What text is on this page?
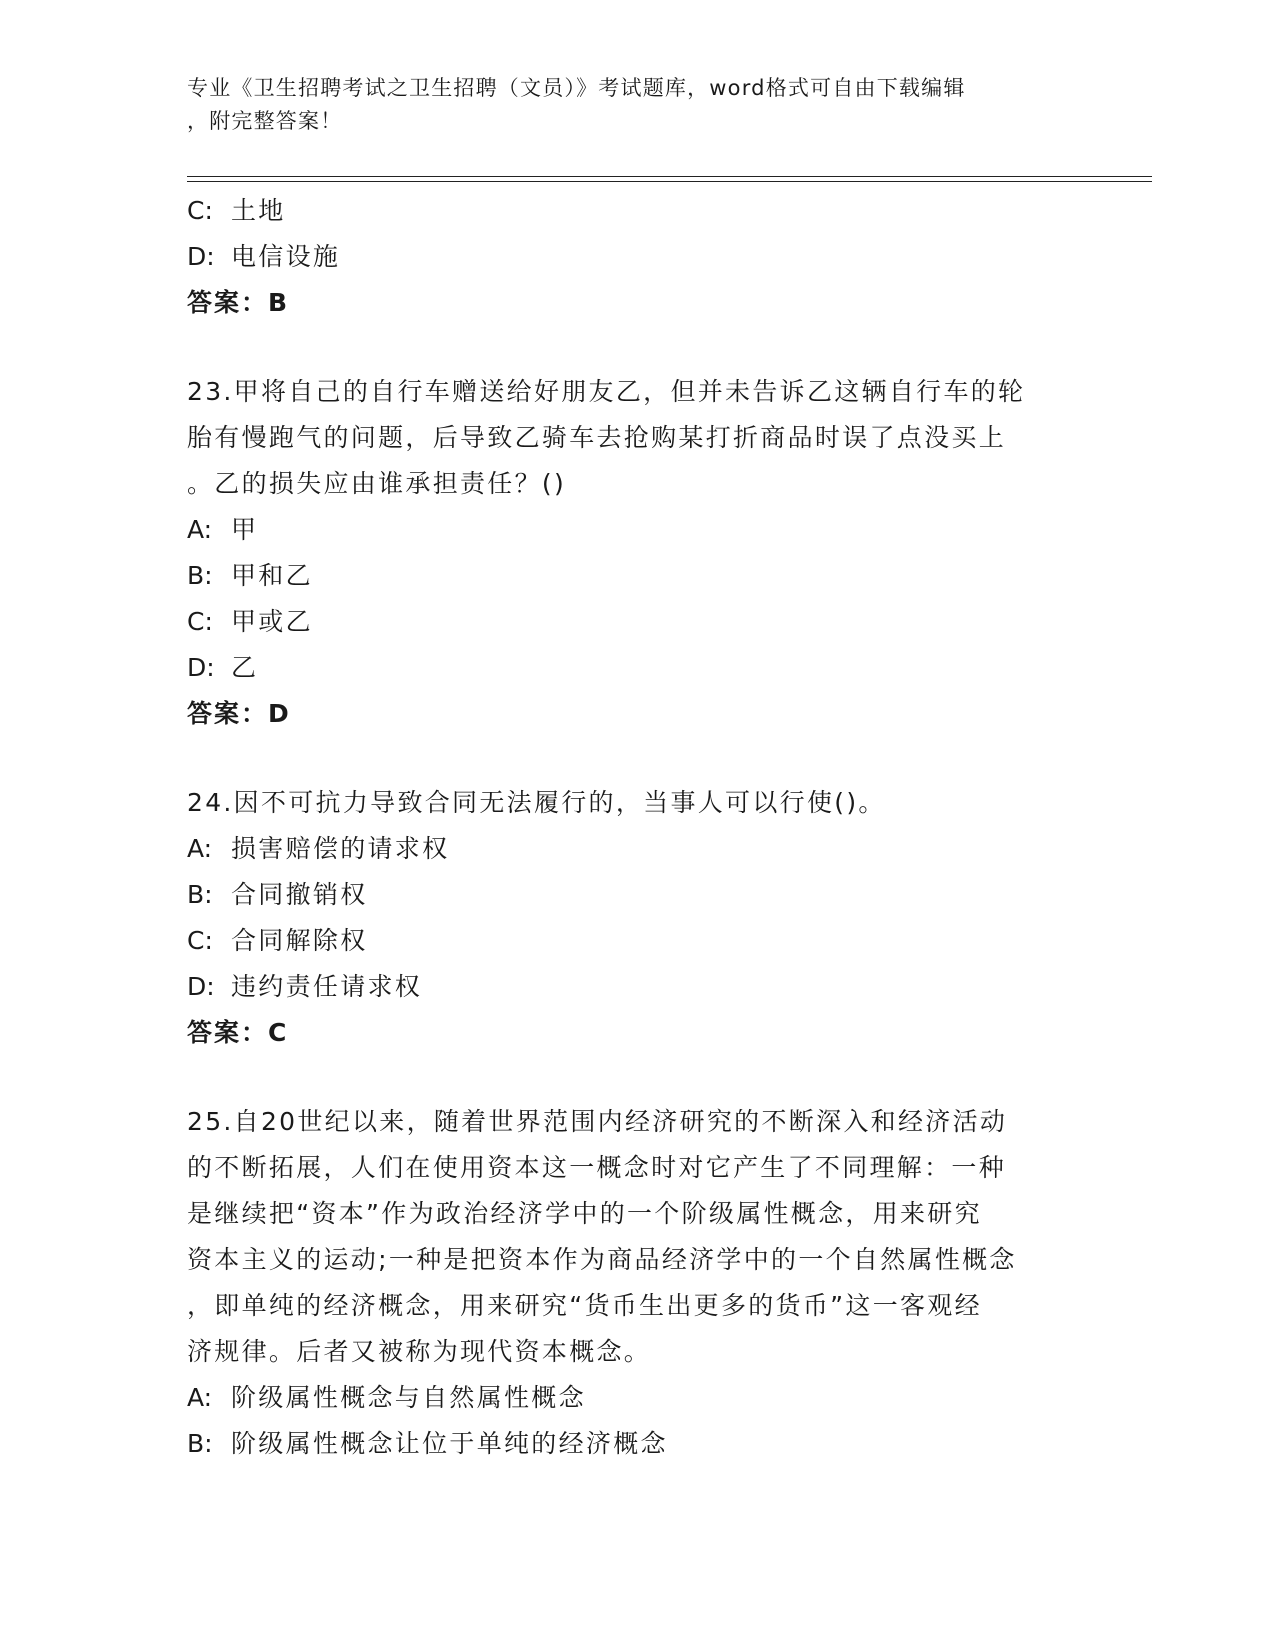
专业《卫生招聘考试之卫生招聘（文员）》考试题库，word格式可自由下载编辑
，附完整答案！
C: 土地
D: 电信设施
答案：B
23.甲将自己的自行车赠送给好朋友乙，但并未告诉乙这辆自行车的轮
胎有慢跑气的问题，后导致乙骑车去抢购某打折商品时误了点没买上
。乙的损失应由谁承担责任？()
A: 甲
B: 甲和乙
C: 甲或乙
D: 乙
答案：D
24.因不可抗力导致合同无法履行的，当事人可以行使()。
A: 损害赔偿的请求权
B: 合同撤销权
C: 合同解除权
D: 违约责任请求权
答案：C
25.自20世纪以来，随着世界范围内经济研究的不断深入和经济活动
的不断拓展，人们在使用资本这一概念时对它产生了不同理解：一种
是继续把“资本”作为政治经济学中的一个阶级属性概念，用来研究
资本主义的运动;一种是把资本作为商品经济学中的一个自然属性概念
，即单纯的经济概念，用来研究“货币生出更多的货币”这一客观经
济规律。后者又被称为现代资本概念。
A: 阶级属性概念与自然属性概念
B: 阶级属性概念让位于单纯的经济概念
